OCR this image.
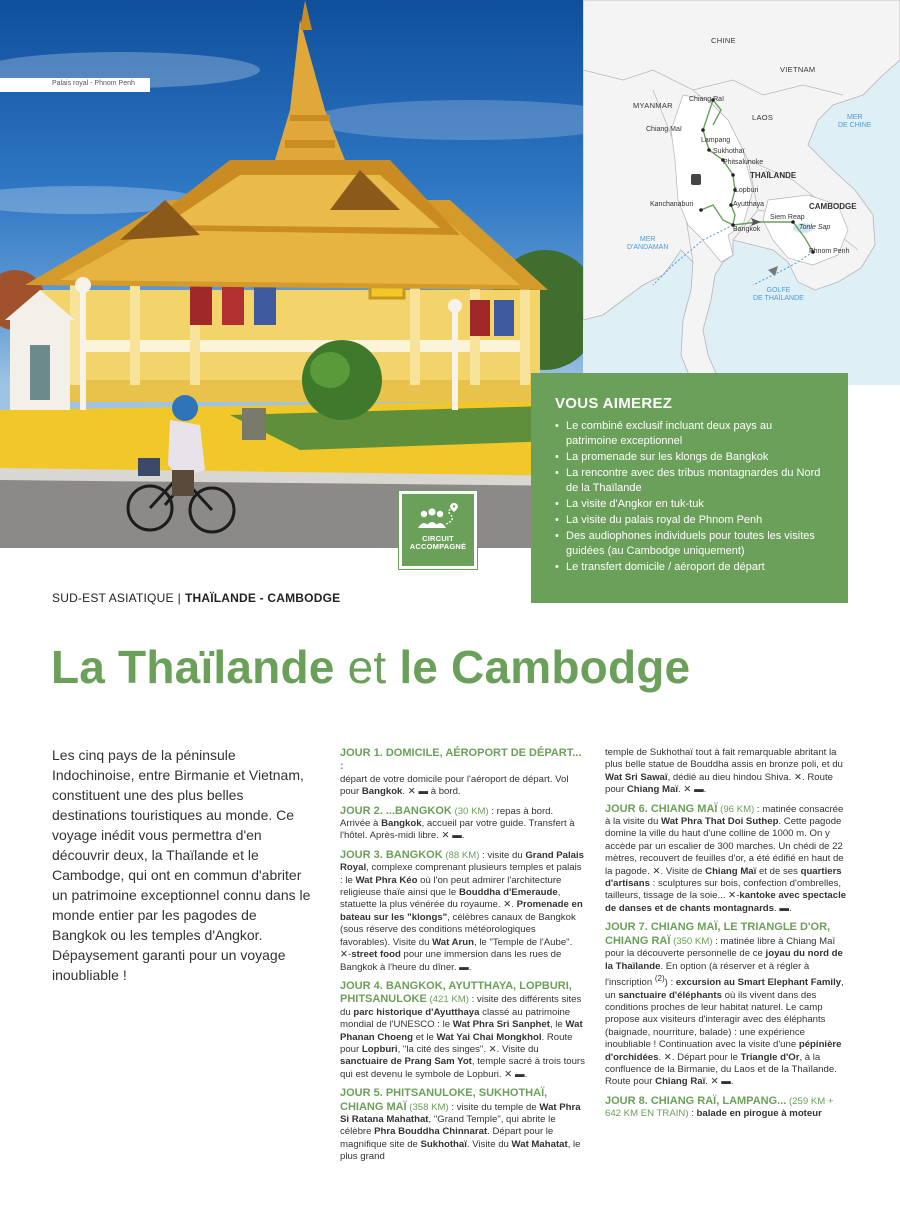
Palais royal - Phnom Penh
CHINE
VIETNAM
MYANMAR
LAOS
THAÏLANDE
CAMBODGE
MER
DE CHINE
MER
D'ANDAMAN
GOLFE
DE THAÏLANDE
Tonle Sap
Chiang Raï
Chiang Maï
Lampang
Sukhothaï
Phitsalunoke
Lopburi
Kanchanaburi	Ayutthaya
Bangkok
Siem Reap
Phnom Penh
VOUS AIMEREZ
• Le combiné exclusif incluant deux pays au patrimoine exceptionnel
• La promenade sur les klongs de Bangkok
• La rencontre avec des tribus montagnardes du Nord de la Thaïlande
• La visite d'Angkor en tuk-tuk
• La visite du palais royal de Phnom Penh
• Des audiophones individuels pour toutes les visites guidées (au Cambodge uniquement)
• Le transfert domicile / aéroport de départ
CIRCUIT
ACCOMPAGNÉ
SUD-EST ASIATIQUE | THAÏLANDE - CAMBODGE
La Thaïlande et le Cambodge

Les cinq pays de la péninsule Indochinoise, entre Birmanie et Vietnam, constituent une des plus belles destinations touristiques au monde. Ce voyage inédit vous permettra d'en découvrir deux, la Thaïlande et le Cambodge, qui ont en commun d'abriter un patrimoine exceptionnel connu dans le monde entier par les pagodes de Bangkok ou les temples d'Angkor. Dépaysement garanti pour un voyage inoubliable !

JOUR 1. DOMICILE, AÉROPORT DE DÉPART... :
départ de votre domicile pour l'aéroport de départ. Vol pour Bangkok. ✕ ▬ à bord.
JOUR 2. ...BANGKOK (30 KM) : repas à bord. Arrivée à Bangkok, accueil par votre guide. Transfert à l'hôtel. Après-midi libre. ✕ ▬.
JOUR 3. BANGKOK (88 KM) : visite du Grand Palais Royal, complexe comprenant plusieurs temples et palais : le Wat Phra Kéo où l'on peut admirer l'architecture religieuse thaïe ainsi que le Bouddha d'Emeraude, statuette la plus vénérée du royaume. ✕. Promenade en bateau sur les "klongs", célèbres canaux de Bangkok (sous réserve des conditions météorologiques favorables). Visite du Wat Arun, le "Temple de l'Aube". ✕-street food pour une immersion dans les rues de Bangkok à l'heure du dîner. ▬.
JOUR 4. BANGKOK, AYUTTHAYA, LOPBURI, PHITSANULOKE (421 KM) : visite des différents sites du parc historique d'Ayutthaya classé au patrimoine mondial de l'UNESCO : le Wat Phra Sri Sanphet, le Wat Phanan Choeng et le Wat Yai Chai Mongkhol. Route pour Lopburi, "la cité des singes". ✕. Visite du sanctuaire de Prang Sam Yot, temple sacré à trois tours qui est devenu le symbole de Lopburi. ✕ ▬.
JOUR 5. PHITSANULOKE, SUKHOTHAÏ, CHIANG MAÏ (358 KM) : visite du temple de Wat Phra Si Ratana Mahathat, "Grand Temple", qui abrite le célèbre Phra Bouddha Chinnarat. Départ pour le magnifique site de Sukhothaï. Visite du Wat Mahatat, le plus grand
temple de Sukhothaï tout à fait remarquable abritant la plus belle statue de Bouddha assis en bronze poli, et du Wat Sri Sawaï, dédié au dieu hindou Shiva. ✕. Route pour Chiang Maï. ✕ ▬.
JOUR 6. CHIANG MAÏ (96 KM) : matinée consacrée à la visite du Wat Phra That Doi Suthep. Cette pagode domine la ville du haut d'une colline de 1000 m. On y accède par un escalier de 300 marches. Un chédi de 22 mètres, recouvert de feuilles d'or, a été édifié en haut de la pagode. ✕. Visite de Chiang Maï et de ses quartiers d'artisans : sculptures sur bois, confection d'ombrelles, tailleurs, tissage de la soie... ✕-kantoke avec spectacle de danses et de chants montagnards. ▬.
JOUR 7. CHIANG MAÏ, LE TRIANGLE D'OR, CHIANG RAÏ (350 KM) : matinée libre à Chiang Maï pour la découverte personnelle de ce joyau du nord de la Thaïlande. En option (à réserver et à régler à l'inscription $^{(2)}$) : excursion au Smart Elephant Family, un sanctuaire d'éléphants où ils vivent dans des conditions proches de leur habitat naturel. Le camp propose aux visiteurs d'interagir avec des éléphants (baignade, nourriture, balade) : une expérience inoubliable ! Continuation avec la visite d'une pépinière d'orchidées. ✕. Départ pour le Triangle d'Or, à la confluence de la Birmanie, du Laos et de la Thaïlande. Route pour Chiang Raï. ✕ ▬.
JOUR 8. CHIANG RAÏ, LAMPANG... (259 KM + 642 KM EN TRAIN) : balade en pirogue à moteur
